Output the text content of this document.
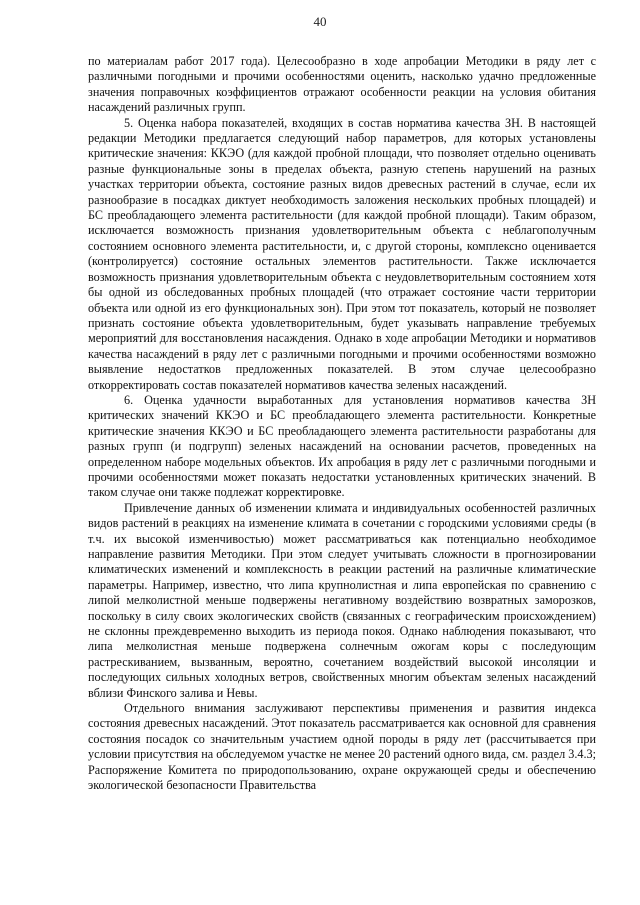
40

по материалам работ 2017 года). Целесообразно в ходе апробации Методики в ряду лет с различными погодными и прочими особенностями оценить, насколько удачно предложенные значения поправочных коэффициентов отражают особенности реакции на условия обитания насаждений различных групп.

5. Оценка набора показателей, входящих в состав норматива качества ЗН. В настоящей редакции Методики предлагается следующий набор параметров, для которых установлены критические значения: ККЭО (для каждой пробной площади, что позволяет отдельно оценивать разные функциональные зоны в пределах объекта, разную степень нарушений на разных участках территории объекта, состояние разных видов древесных растений в случае, если их разнообразие в посадках диктует необходимость заложения нескольких пробных площадей) и БС преобладающего элемента растительности (для каждой пробной площади). Таким образом, исключается возможность признания удовлетворительным объекта с неблагополучным состоянием основного элемента растительности, и, с другой стороны, комплексно оценивается (контролируется) состояние остальных элементов растительности. Также исключается возможность признания удовлетворительным объекта с неудовлетворительным состоянием хотя бы одной из обследованных пробных площадей (что отражает состояние части территории объекта или одной из его функциональных зон). При этом тот показатель, который не позволяет признать состояние объекта удовлетворительным, будет указывать направление требуемых мероприятий для восстановления насаждения. Однако в ходе апробации Методики и нормативов качества насаждений в ряду лет с различными погодными и прочими особенностями возможно выявление недостатков предложенных показателей. В этом случае целесообразно откорректировать состав показателей нормативов качества зеленых насаждений.

6. Оценка удачности выработанных для установления нормативов качества ЗН критических значений ККЭО и БС преобладающего элемента растительности. Конкретные критические значения ККЭО и БС преобладающего элемента растительности разработаны для разных групп (и подгрупп) зеленых насаждений на основании расчетов, проведенных на определенном наборе модельных объектов. Их апробация в ряду лет с различными погодными и прочими особенностями может показать недостатки установленных критических значений. В таком случае они также подлежат корректировке.

Привлечение данных об изменении климата и индивидуальных особенностей различных видов растений в реакциях на изменение климата в сочетании с городскими условиями среды (в т.ч. их высокой изменчивостью) может рассматриваться как потенциально необходимое направление развития Методики. При этом следует учитывать сложности в прогнозировании климатических изменений и комплексность в реакции растений на различные климатические параметры. Например, известно, что липа крупнолистная и липа европейская по сравнению с липой мелколистной меньше подвержены негативному воздействию возвратных заморозков, поскольку в силу своих экологических свойств (связанных с географическим происхождением) не склонны преждевременно выходить из периода покоя. Однако наблюдения показывают, что липа мелколистная меньше подвержена солнечным ожогам коры с последующим растрескиванием, вызванным, вероятно, сочетанием воздействий высокой инсоляции и последующих сильных холодных ветров, свойственных многим объектам зеленых насаждений вблизи Финского залива и Невы.

Отдельного внимания заслуживают перспективы применения и развития индекса состояния древесных насаждений. Этот показатель рассматривается как основной для сравнения состояния посадок со значительным участием одной породы в ряду лет (рассчитывается при условии присутствия на обследуемом участке не менее 20 растений одного вида, см. раздел 3.4.3; Распоряжение Комитета по природопользованию, охране окружающей среды и обеспечению экологической безопасности Правительства
